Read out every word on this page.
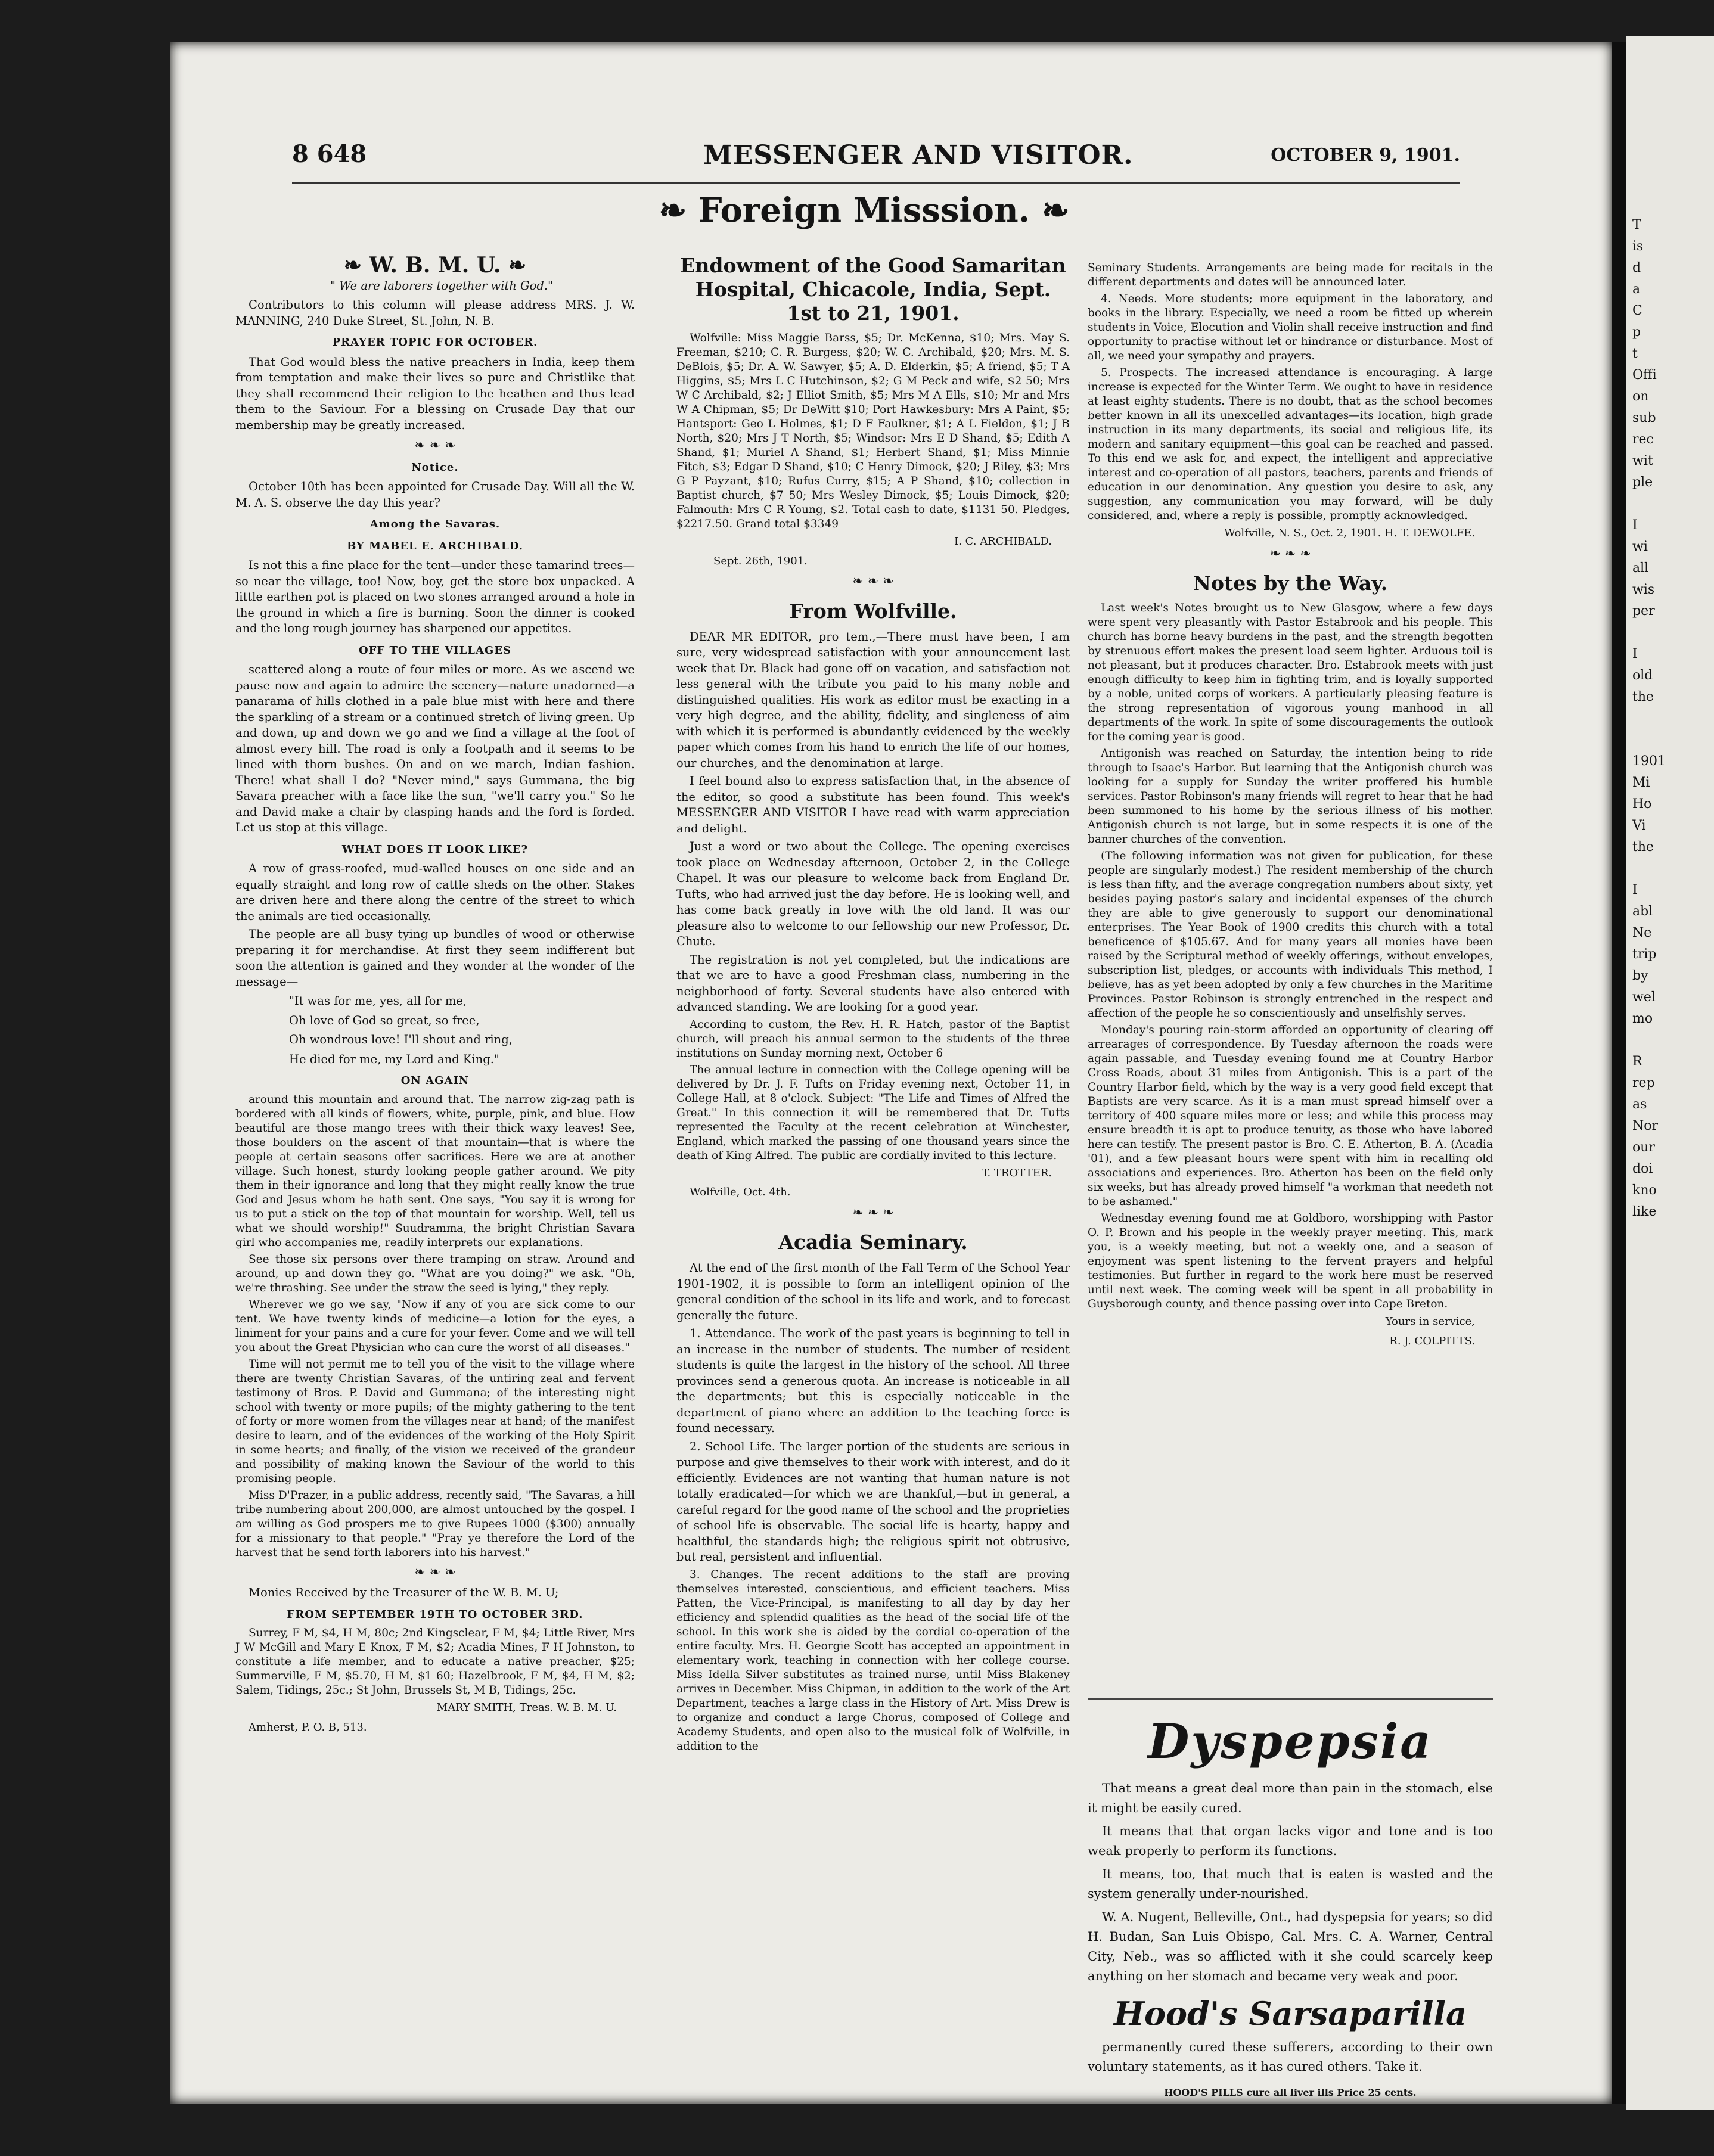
T
is
d
a
C
p
t
Offi
on
sub
rec
wit
ple

I
wi
all
wis
per

I
old
the

1901
Mi
Ho
Vi
the

I
abl
Ne
trip
by
wel
mo

R
rep
as
Nor
our
doi
kno
like
8 648	MESSENGER AND VISITOR.	OCTOBER 9, 1901.
❧ Foreign Misssion. ❧
❧ W. B. M. U. ❧

" We are laborers together with God."

Contributors to this column will please address MRS. J. W. MANNING, 240 Duke Street, St. John, N. B.

PRAYER TOPIC FOR OCTOBER.

That God would bless the native preachers in India, keep them from temptation and make their lives so pure and Christlike that they shall recommend their religion to the heathen and thus lead them to the Saviour. For a blessing on Crusade Day that our membership may be greatly increased.

❧ ❧ ❧
Notice.

October 10th has been appointed for Crusade Day. Will all the W. M. A. S. observe the day this year?

Among the Savaras.
BY MABEL E. ARCHIBALD.

Is not this a fine place for the tent—under these tamarind trees—so near the village, too! Now, boy, get the store box unpacked. A little earthen pot is placed on two stones arranged around a hole in the ground in which a fire is burning. Soon the dinner is cooked and the long rough journey has sharpened our appetites.

OFF TO THE VILLAGES

scattered along a route of four miles or more. As we ascend we pause now and again to admire the scenery—nature unadorned—a panarama of hills clothed in a pale blue mist with here and there the sparkling of a stream or a continued stretch of living green. Up and down, up and down we go and we find a village at the foot of almost every hill. The road is only a footpath and it seems to be lined with thorn bushes. On and on we march, Indian fashion. There! what shall I do? "Never mind," says Gummana, the big Savara preacher with a face like the sun, "we'll carry you." So he and David make a chair by clasping hands and the ford is forded. Let us stop at this village.

WHAT DOES IT LOOK LIKE?

A row of grass-roofed, mud-walled houses on one side and an equally straight and long row of cattle sheds on the other. Stakes are driven here and there along the centre of the street to which the animals are tied occasionally.

The people are all busy tying up bundles of wood or otherwise preparing it for merchandise. At first they seem indifferent but soon the attention is gained and they wonder at the wonder of the message—

"It was for me, yes, all for me,

Oh love of God so great, so free,

Oh wondrous love! I'll shout and ring,

He died for me, my Lord and King."

ON AGAIN

around this mountain and around that. The narrow zig-zag path is bordered with all kinds of flowers, white, purple, pink, and blue. How beautiful are those mango trees with their thick waxy leaves! See, those boulders on the ascent of that mountain—that is where the people at certain seasons offer sacrifices. Here we are at another village. Such honest, sturdy looking people gather around. We pity them in their ignorance and long that they might really know the true God and Jesus whom he hath sent. One says, "You say it is wrong for us to put a stick on the top of that mountain for worship. Well, tell us what we should worship!" Suudramma, the bright Christian Savara girl who accompanies me, readily interprets our explanations.

See those six persons over there tramping on straw. Around and around, up and down they go. "What are you doing?" we ask. "Oh, we're thrashing. See under the straw the seed is lying," they reply.

Wherever we go we say, "Now if any of you are sick come to our tent. We have twenty kinds of medicine—a lotion for the eyes, a liniment for your pains and a cure for your fever. Come and we will tell you about the Great Physician who can cure the worst of all diseases."

Time will not permit me to tell you of the visit to the village where there are twenty Christian Savaras, of the untiring zeal and fervent testimony of Bros. P. David and Gummana; of the interesting night school with twenty or more pupils; of the mighty gathering to the tent of forty or more women from the villages near at hand; of the manifest desire to learn, and of the evidences of the working of the Holy Spirit in some hearts; and finally, of the vision we received of the grandeur and possibility of making known the Saviour of the world to this promising people.

Miss D'Prazer, in a public address, recently said, "The Savaras, a hill tribe numbering about 200,000, are almost untouched by the gospel. I am willing as God prospers me to give Rupees 1000 ($300) annually for a missionary to that people." "Pray ye therefore the Lord of the harvest that he send forth laborers into his harvest."

❧ ❧ ❧

Monies Received by the Treasurer of the W. B. M. U;

FROM SEPTEMBER 19TH TO OCTOBER 3RD.

Surrey, F M, $4, H M, 80c; 2nd Kingsclear, F M, $4; Little River, Mrs J W McGill and Mary E Knox, F M, $2; Acadia Mines, F H Johnston, to constitute a life member, and to educate a native preacher, $25; Summerville, F M, $5.70, H M, $1 60; Hazelbrook, F M, $4, H M, $2; Salem, Tidings, 25c.; St John, Brussels St, M B, Tidings, 25c.

MARY SMITH, Treas. W. B. M. U.

Amherst, P. O. B, 513.

Endowment of the Good Samaritan Hospital, Chicacole, India, Sept. 1st to 21, 1901.

Wolfville: Miss Maggie Barss, $5; Dr. McKenna, $10; Mrs. May S. Freeman, $210; C. R. Burgess, $20; W. C. Archibald, $20; Mrs. M. S. DeBlois, $5; Dr. A. W. Sawyer, $5; A. D. Elderkin, $5; A friend, $5; T A Higgins, $5; Mrs L C Hutchinson, $2; G M Peck and wife, $2 50; Mrs W C Archibald, $2; J Elliot Smith, $5; Mrs M A Ells, $10; Mr and Mrs W A Chipman, $5; Dr DeWitt $10; Port Hawkesbury: Mrs A Paint, $5; Hantsport: Geo L Holmes, $1; D F Faulkner, $1; A L Fieldon, $1; J B North, $20; Mrs J T North, $5; Windsor: Mrs E D Shand, $5; Edith A Shand, $1; Muriel A Shand, $1; Herbert Shand, $1; Miss Minnie Fitch, $3; Edgar D Shand, $10; C Henry Dimock, $20; J Riley, $3; Mrs G P Payzant, $10; Rufus Curry, $15; A P Shand, $10; collection in Baptist church, $7 50; Mrs Wesley Dimock, $5; Louis Dimock, $20; Falmouth: Mrs C R Young, $2. Total cash to date, $1131 50. Pledges, $2217.50. Grand total $3349

I. C. ARCHIBALD.

Sept. 26th, 1901.

❧ ❧ ❧
From Wolfville.

DEAR MR EDITOR, pro tem.,—There must have been, I am sure, very widespread satisfaction with your announcement last week that Dr. Black had gone off on vacation, and satisfaction not less general with the tribute you paid to his many noble and distinguished qualities. His work as editor must be exacting in a very high degree, and the ability, fidelity, and singleness of aim with which it is performed is abundantly evidenced by the weekly paper which comes from his hand to enrich the life of our homes, our churches, and the denomination at large.

I feel bound also to express satisfaction that, in the absence of the editor, so good a substitute has been found. This week's MESSENGER AND VISITOR I have read with warm appreciation and delight.

Just a word or two about the College. The opening exercises took place on Wednesday afternoon, October 2, in the College Chapel. It was our pleasure to welcome back from England Dr. Tufts, who had arrived just the day before. He is looking well, and has come back greatly in love with the old land. It was our pleasure also to welcome to our fellowship our new Professor, Dr. Chute.

The registration is not yet completed, but the indications are that we are to have a good Freshman class, numbering in the neighborhood of forty. Several students have also entered with advanced standing. We are looking for a good year.

According to custom, the Rev. H. R. Hatch, pastor of the Baptist church, will preach his annual sermon to the students of the three institutions on Sunday morning next, October 6

The annual lecture in connection with the College opening will be delivered by Dr. J. F. Tufts on Friday evening next, October 11, in College Hall, at 8 o'clock. Subject: "The Life and Times of Alfred the Great." In this connection it will be remembered that Dr. Tufts represented the Faculty at the recent celebration at Winchester, England, which marked the passing of one thousand years since the death of King Alfred. The public are cordially invited to this lecture.

T. TROTTER.

Wolfville, Oct. 4th.

❧ ❧ ❧
Acadia Seminary.

At the end of the first month of the Fall Term of the School Year 1901-1902, it is possible to form an intelligent opinion of the general condition of the school in its life and work, and to forecast generally the future.

1. Attendance. The work of the past years is beginning to tell in an increase in the number of students. The number of resident students is quite the largest in the history of the school. All three provinces send a generous quota. An increase is noticeable in all the departments; but this is especially noticeable in the department of piano where an addition to the teaching force is found necessary.

2. School Life. The larger portion of the students are serious in purpose and give themselves to their work with interest, and do it efficiently. Evidences are not wanting that human nature is not totally eradicated—for which we are thankful,—but in general, a careful regard for the good name of the school and the proprieties of school life is observable. The social life is hearty, happy and healthful, the standards high; the religious spirit not obtrusive, but real, persistent and influential.

3. Changes. The recent additions to the staff are proving themselves interested, conscientious, and efficient teachers. Miss Patten, the Vice-Principal, is manifesting to all day by day her efficiency and splendid qualities as the head of the social life of the school. In this work she is aided by the cordial co-operation of the entire faculty. Mrs. H. Georgie Scott has accepted an appointment in elementary work, teaching in connection with her college course. Miss Idella Silver substitutes as trained nurse, until Miss Blakeney arrives in December. Miss Chipman, in addition to the work of the Art Department, teaches a large class in the History of Art. Miss Drew is to organize and conduct a large Chorus, composed of College and Academy Students, and open also to the musical folk of Wolfville, in addition to the

Seminary Students. Arrangements are being made for recitals in the different departments and dates will be announced later.

4. Needs. More students; more equipment in the laboratory, and books in the library. Especially, we need a room be fitted up wherein students in Voice, Elocution and Violin shall receive instruction and find opportunity to practise without let or hindrance or disturbance. Most of all, we need your sympathy and prayers.

5. Prospects. The increased attendance is encouraging. A large increase is expected for the Winter Term. We ought to have in residence at least eighty students. There is no doubt, that as the school becomes better known in all its unexcelled advantages—its location, high grade instruction in its many departments, its social and religious life, its modern and sanitary equipment—this goal can be reached and passed. To this end we ask for, and expect, the intelligent and appreciative interest and co-operation of all pastors, teachers, parents and friends of education in our denomination. Any question you desire to ask, any suggestion, any communication you may forward, will be duly considered, and, where a reply is possible, promptly acknowledged.

Wolfville, N. S., Oct. 2, 1901. H. T. DEWOLFE.

❧ ❧ ❧
Notes by the Way.

Last week's Notes brought us to New Glasgow, where a few days were spent very pleasantly with Pastor Estabrook and his people. This church has borne heavy burdens in the past, and the strength begotten by strenuous effort makes the present load seem lighter. Arduous toil is not pleasant, but it produces character. Bro. Estabrook meets with just enough difficulty to keep him in fighting trim, and is loyally supported by a noble, united corps of workers. A particularly pleasing feature is the strong representation of vigorous young manhood in all departments of the work. In spite of some discouragements the outlook for the coming year is good.

Antigonish was reached on Saturday, the intention being to ride through to Isaac's Harbor. But learning that the Antigonish church was looking for a supply for Sunday the writer proffered his humble services. Pastor Robinson's many friends will regret to hear that he had been summoned to his home by the serious illness of his mother. Antigonish church is not large, but in some respects it is one of the banner churches of the convention.

(The following information was not given for publication, for these people are singularly modest.) The resident membership of the church is less than fifty, and the average congregation numbers about sixty, yet besides paying pastor's salary and incidental expenses of the church they are able to give generously to support our denominational enterprises. The Year Book of 1900 credits this church with a total beneficence of $105.67. And for many years all monies have been raised by the Scriptural method of weekly offerings, without envelopes, subscription list, pledges, or accounts with individuals This method, I believe, has as yet been adopted by only a few churches in the Maritime Provinces. Pastor Robinson is strongly entrenched in the respect and affection of the people he so conscientiously and unselfishly serves.

Monday's pouring rain-storm afforded an opportunity of clearing off arrearages of correspondence. By Tuesday afternoon the roads were again passable, and Tuesday evening found me at Country Harbor Cross Roads, about 31 miles from Antigonish. This is a part of the Country Harbor field, which by the way is a very good field except that Baptists are very scarce. As it is a man must spread himself over a territory of 400 square miles more or less; and while this process may ensure breadth it is apt to produce tenuity, as those who have labored here can testify. The present pastor is Bro. C. E. Atherton, B. A. (Acadia '01), and a few pleasant hours were spent with him in recalling old associations and experiences. Bro. Atherton has been on the field only six weeks, but has already proved himself "a workman that needeth not to be ashamed."

Wednesday evening found me at Goldboro, worshipping with Pastor O. P. Brown and his people in the weekly prayer meeting. This, mark you, is a weekly meeting, but not a weekly one, and a season of enjoyment was spent listening to the fervent prayers and helpful testimonies. But further in regard to the work here must be reserved until next week. The coming week will be spent in all probability in Guysborough county, and thence passing over into Cape Breton.

Yours in service,

R. J. COLPITTS.

Dyspepsia

That means a great deal more than pain in the stomach, else it might be easily cured.

It means that that organ lacks vigor and tone and is too weak properly to perform its functions.

It means, too, that much that is eaten is wasted and the system generally under-nourished.

W. A. Nugent, Belleville, Ont., had dyspepsia for years; so did H. Budan, San Luis Obispo, Cal. Mrs. C. A. Warner, Central City, Neb., was so afflicted with it she could scarcely keep anything on her stomach and became very weak and poor.

Hood's Sarsaparilla

permanently cured these sufferers, according to their own voluntary statements, as it has cured others. Take it.

HOOD'S PILLS cure all liver ills Price 25 cents.
